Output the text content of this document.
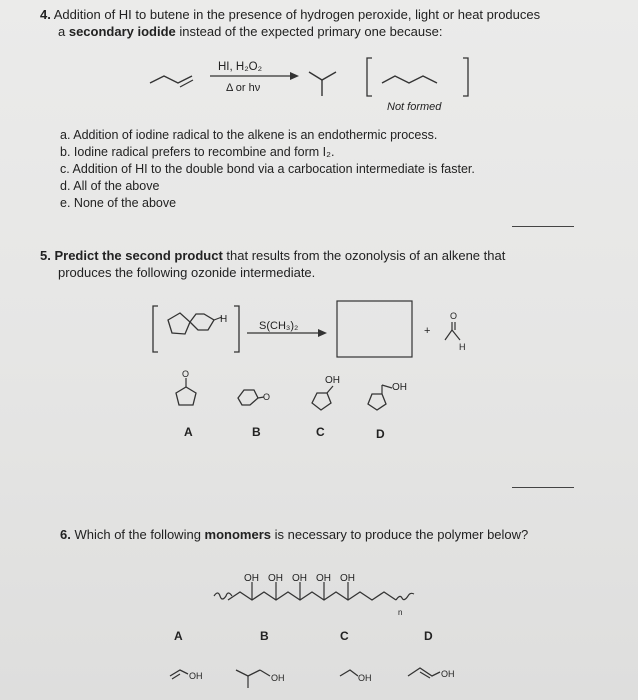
4. Addition of HI to butene in the presence of hydrogen peroxide, light or heat produces
a secondary iodide instead of the expected primary one because:
HI, H₂O₂
Δ or hν
Not formed
a. Addition of iodine radical to the alkene is an endothermic process.
b. Iodine radical prefers to recombine and form I₂.
c. Addition of HI to the double bond via a carbocation intermediate is faster.
d. All of the above
e. None of the above
5. Predict the second product that results from the ozonolysis of an alkene that
produces the following ozonide intermediate.
H
S(CH₃)₂	+
O
H
O
O
OH
OH
A	B	C	D
6. Which of the following monomers is necessary to produce the polymer below?
OH OH OH OH OH
n
A	B	C	D
OH	OH	OH	OH
